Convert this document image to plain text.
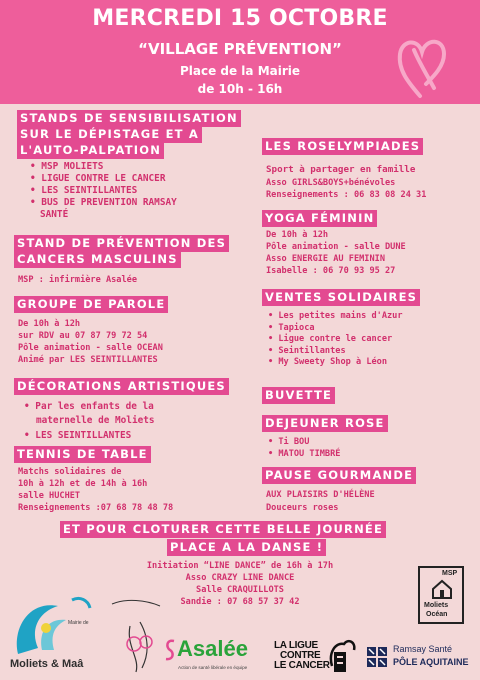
MERCREDI 15 OCTOBRE
“VILLAGE PRÉVENTION”
Place de la Mairie
de 10h - 16h
STANDS DE SENSIBILISATION
SUR LE DÉPISTAGE ET A
L'AUTO-PALPATION
• MSP MOLIETS
• LIGUE CONTRE LE CANCER
• LES SEINTILLANTES
• BUS DE PREVENTION RAMSAY
SANTÉ
STAND DE PRÉVENTION DES
CANCERS MASCULINS
MSP : infirmière Asalée
GROUPE DE PAROLE
De 10h à 12h
sur RDV au 07 87 79 72 54
Pôle animation - salle OCEAN
Animé par LES SEINTILLANTES
DÉCORATIONS ARTISTIQUES
• Par les enfants de la
maternelle de Moliets
• LES SEINTILLANTES
TENNIS DE TABLE
Matchs solidaires de
10h à 12h et de 14h à 16h
salle HUCHET
Renseignements :07 68 78 48 78
LES ROSELYMPIADES
Sport à partager en famille
Asso GIRLS&BOYS+bénévoles
Renseignements : 06 83 08 24 31
YOGA FÉMININ
De 10h à 12h
Pôle animation - salle DUNE
Asso ENERGIE AU FEMININ
Isabelle : 06 70 93 95 27
VENTES SOLIDAIRES
• Les petites mains d'Azur
• Tapioca
• Ligue contre le cancer
• Seintillantes
• My Sweety Shop à Léon
BUVETTE
DEJEUNER ROSE
• Ti BOU
• MATOU TIMBRÉ
PAUSE GOURMANDE
AUX PLAISIRS D'HÉLÈNE
Douceurs roses
ET POUR CLOTURER CETTE BELLE JOURNÉE
PLACE A LA DANSE !
Initiation “LINE DANCE” de 16h à 17h
Asso CRAZY LINE DANCE
Salle CRAQUILLOTS
Sandie : 07 68 57 37 42
MSP
Moliets
Océan
Mairie de
Moliets & Maâ
Asalée
Action de santé libérale en équipe
LA LIGUE
CONTRE
LE CANCER
Ramsay Santé
PÔLE AQUITAINE
